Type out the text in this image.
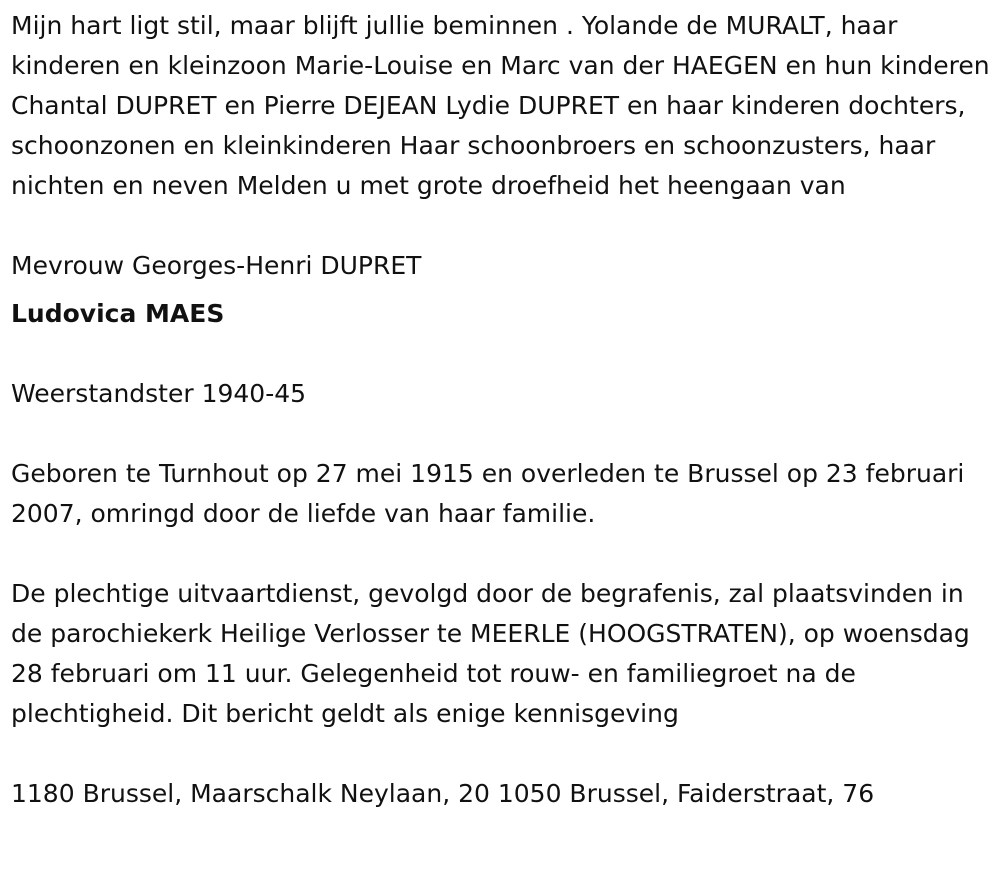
Mijn hart ligt stil, maar blijft jullie beminnen . Yolande de MURALT, haar kinderen en kleinzoon Marie-Louise en Marc van der HAEGEN en hun kinderen Chantal DUPRET en Pierre DEJEAN Lydie DUPRET en haar kinderen dochters, schoonzonen en kleinkinderen Haar schoonbroers en schoonzusters, haar nichten en neven Melden u met grote droefheid het heengaan van

Mevrouw Georges-Henri DUPRET

Ludovica MAES

Weerstandster 1940-45

Geboren te Turnhout op 27 mei 1915 en overleden te Brussel op 23 februari 2007, omringd door de liefde van haar familie.

De plechtige uitvaartdienst, gevolgd door de begrafenis, zal plaatsvinden in de parochiekerk Heilige Verlosser te MEERLE (HOOGSTRATEN), op woensdag 28 februari om 11 uur. Gelegenheid tot rouw- en familiegroet na de plechtigheid. Dit bericht geldt als enige kennisgeving

1180 Brussel, Maarschalk Neylaan, 20 1050 Brussel, Faiderstraat, 76
